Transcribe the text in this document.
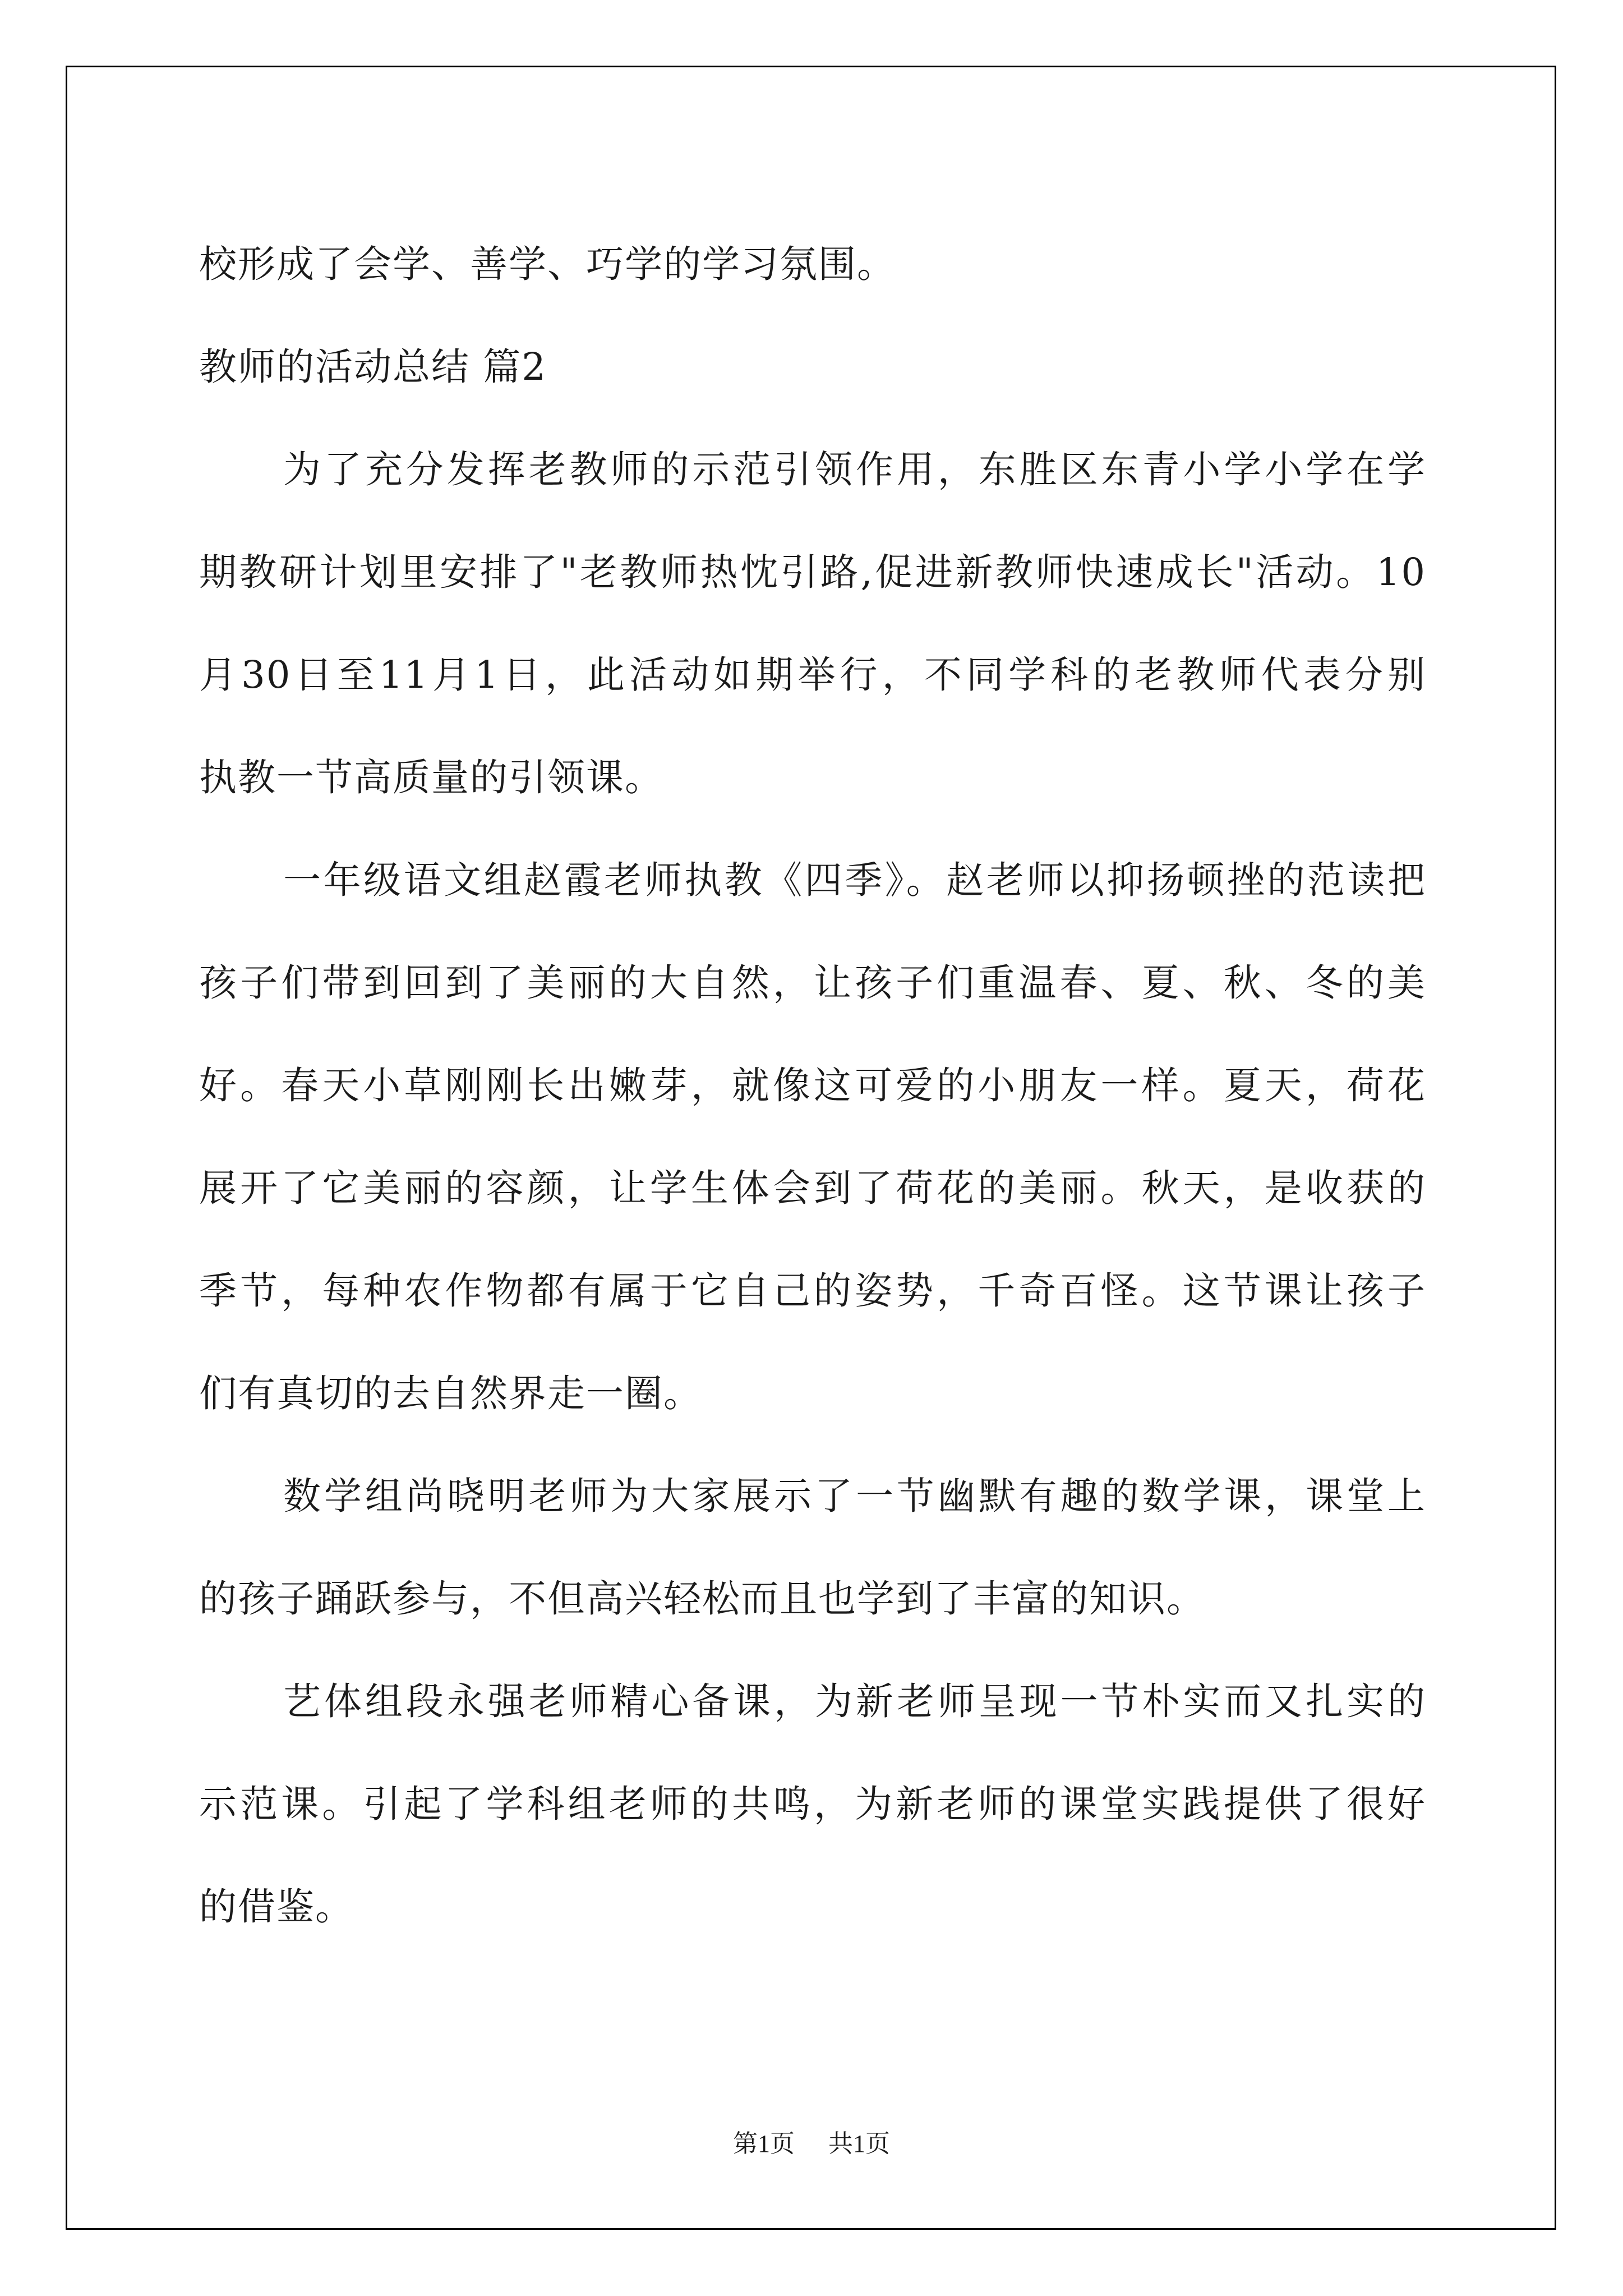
校形成了会学、善学、巧学的学习氛围。
教师的活动总结 篇2
为了充分发挥老教师的示范引领作用，东胜区东青小学小学在学
期教研计划里安排了"老教师热忱引路,促进新教师快速成长"活动。10
月30日至11月1日，此活动如期举行，不同学科的老教师代表分别
执教一节高质量的引领课。
一年级语文组赵霞老师执教《四季》。赵老师以抑扬顿挫的范读把
孩子们带到回到了美丽的大自然，让孩子们重温春、夏、秋、冬的美
好。春天小草刚刚长出嫩芽，就像这可爱的小朋友一样。夏天，荷花
展开了它美丽的容颜，让学生体会到了荷花的美丽。秋天，是收获的
季节，每种农作物都有属于它自己的姿势，千奇百怪。这节课让孩子
们有真切的去自然界走一圈。
数学组尚晓明老师为大家展示了一节幽默有趣的数学课，课堂上
的孩子踊跃参与，不但高兴轻松而且也学到了丰富的知识。
艺体组段永强老师精心备课，为新老师呈现一节朴实而又扎实的
示范课。引起了学科组老师的共鸣，为新老师的课堂实践提供了很好
的借鉴。
第1页 共1页
